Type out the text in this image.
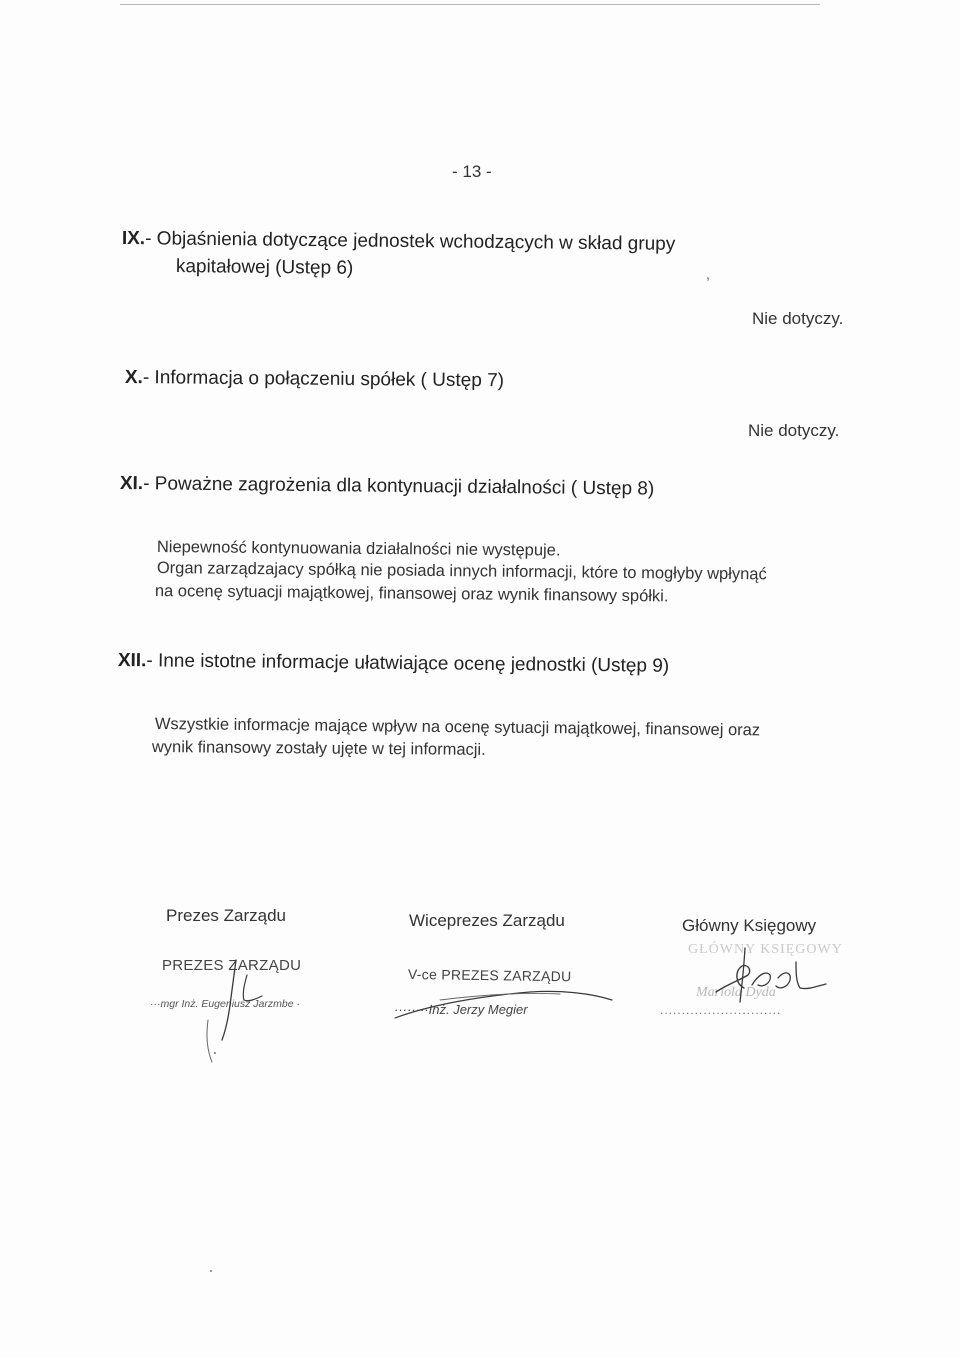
- 13 -
IX.- Objaśnienia dotyczące jednostek wchodzących w skład grupy
kapitałowej (Ustęp 6)	,
Nie dotyczy.
X.- Informacja o połączeniu spółek ( Ustęp 7)
Nie dotyczy.
XI.- Poważne zagrożenia dla kontynuacji działalności ( Ustęp 8)
Niepewność kontynuowania działalności nie występuje.
Organ zarządzajacy spółką nie posiada innych informacji, które to mogłyby wpłynąć
na ocenę sytuacji majątkowej, finansowej oraz wynik finansowy spółki.
XII.- Inne istotne informacje ułatwiające ocenę jednostki (Ustęp 9)
Wszystkie informacje mające wpływ na ocenę sytuacji majątkowej, finansowej oraz
wynik finansowy zostały ujęte w tej informacji.
Prezes Zarządu	Wiceprezes Zarządu	Główny Księgowy
PREZES ZARZĄDU
V-ce PREZES ZARZĄDU
GŁÓWNY KSIĘGOWY
···mgr Inż. Eugeniusz Jarzmbe ·	········Inż. Jerzy Megier
Mariola Dyda
............................
